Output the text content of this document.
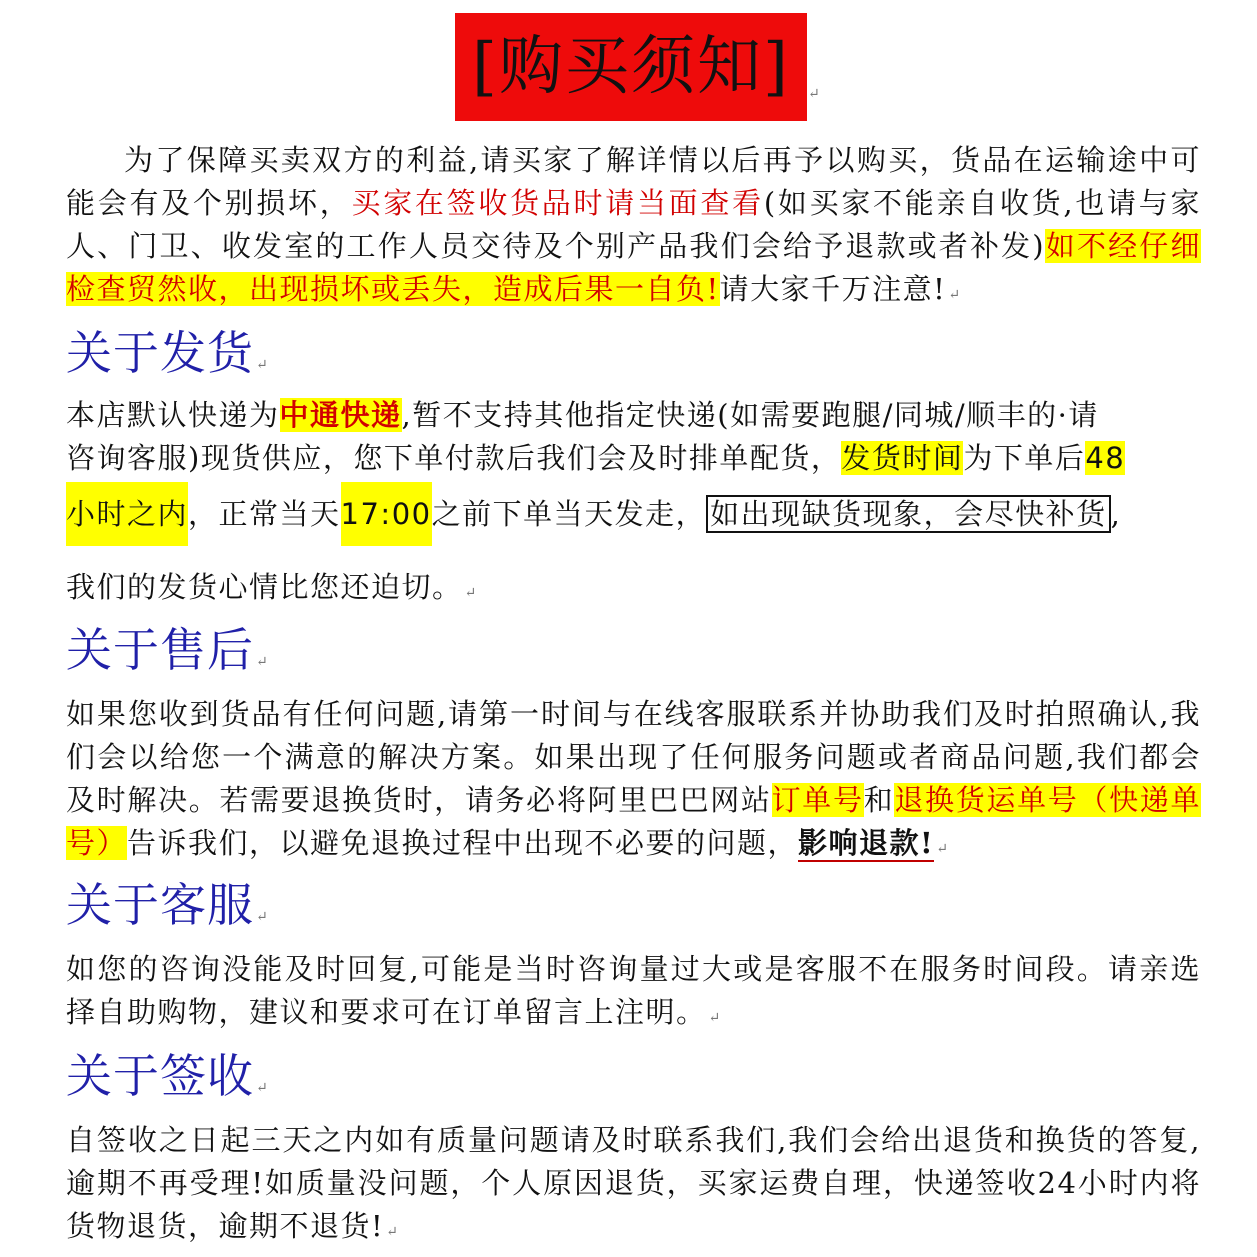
[购买须知] ↵
为了保障买卖双方的利益,请买家了解详情以后再予以购买，货品在运输途中可能会有及个别损坏，买家在签收货品时请当面查看(如买家不能亲自收货,也请与家人、门卫、收发室的工作人员交待及个别产品我们会给予退款或者补发)如不经仔细检查贸然收，出现损坏或丢失，造成后果一自负!请大家千万注意! ↵
关于发货 ↵
本店默认快递为中通快递,暂不支持其他指定快递(如需要跑腿/同城/顺丰的·请
咨询客服)现货供应，您下单付款后我们会及时排单配货，发货时间为下单后48
小时之内，正常当天17:00之前下单当天发走， 如出现缺货现象，会尽快补货 ,
我们的发货心情比您还迫切。 ↵
关于售后 ↵
如果您收到货品有任何问题,请第一时间与在线客服联系并协助我们及时拍照确认,我们会以给您一个满意的解决方案。如果出现了任何服务问题或者商品问题,我们都会及时解决。若需要退换货时，请务必将阿里巴巴网站订单号和退换货运单号（快递单号）告诉我们，以避免退换过程中出现不必要的问题，影响退款! ↵
关于客服 ↵
如您的咨询没能及时回复,可能是当时咨询量过大或是客服不在服务时间段。请亲选择自助购物，建议和要求可在订单留言上注明。 ↵
关于签收 ↵
自签收之日起三天之内如有质量问题请及时联系我们,我们会给出退货和换货的答复,逾期不再受理!如质量没问题，个人原因退货，买家运费自理，快递签收24小时内将货物退货，逾期不退货! ↵
